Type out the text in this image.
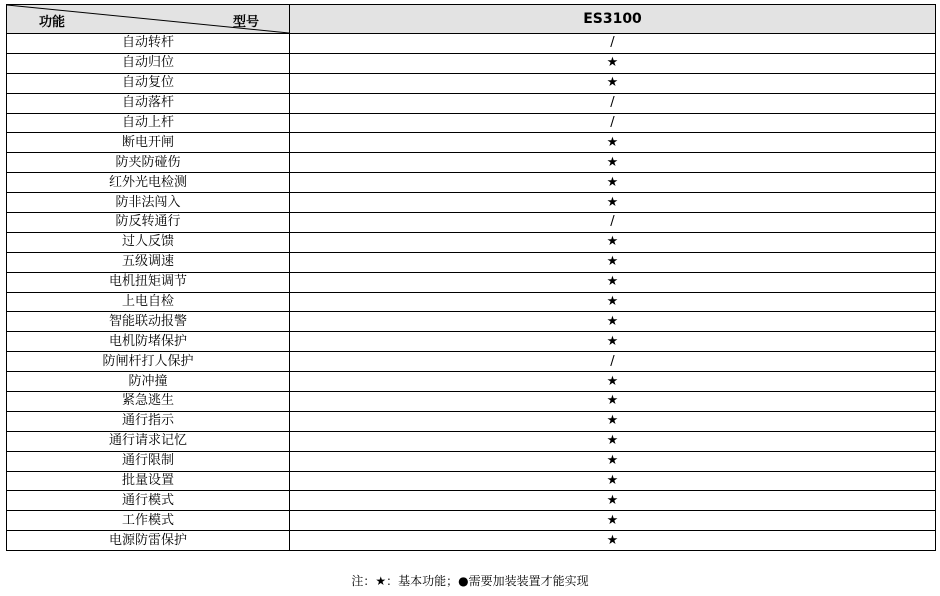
功能 型号	ES3100
自动转杆	/
自动归位	★
自动复位	★
自动落杆	/
自动上杆	/
断电开闸	★
防夹防碰伤	★
红外光电检测	★
防非法闯入	★
防反转通行	/
过人反馈	★
五级调速	★
电机扭矩调节	★
上电自检	★
智能联动报警	★
电机防堵保护	★
防闸杆打人保护	/
防冲撞	★
紧急逃生	★
通行指示	★
通行请求记忆	★
通行限制	★
批量设置	★
通行模式	★
工作模式	★
电源防雷保护	★
注：★：基本功能；●需要加装装置才能实现
